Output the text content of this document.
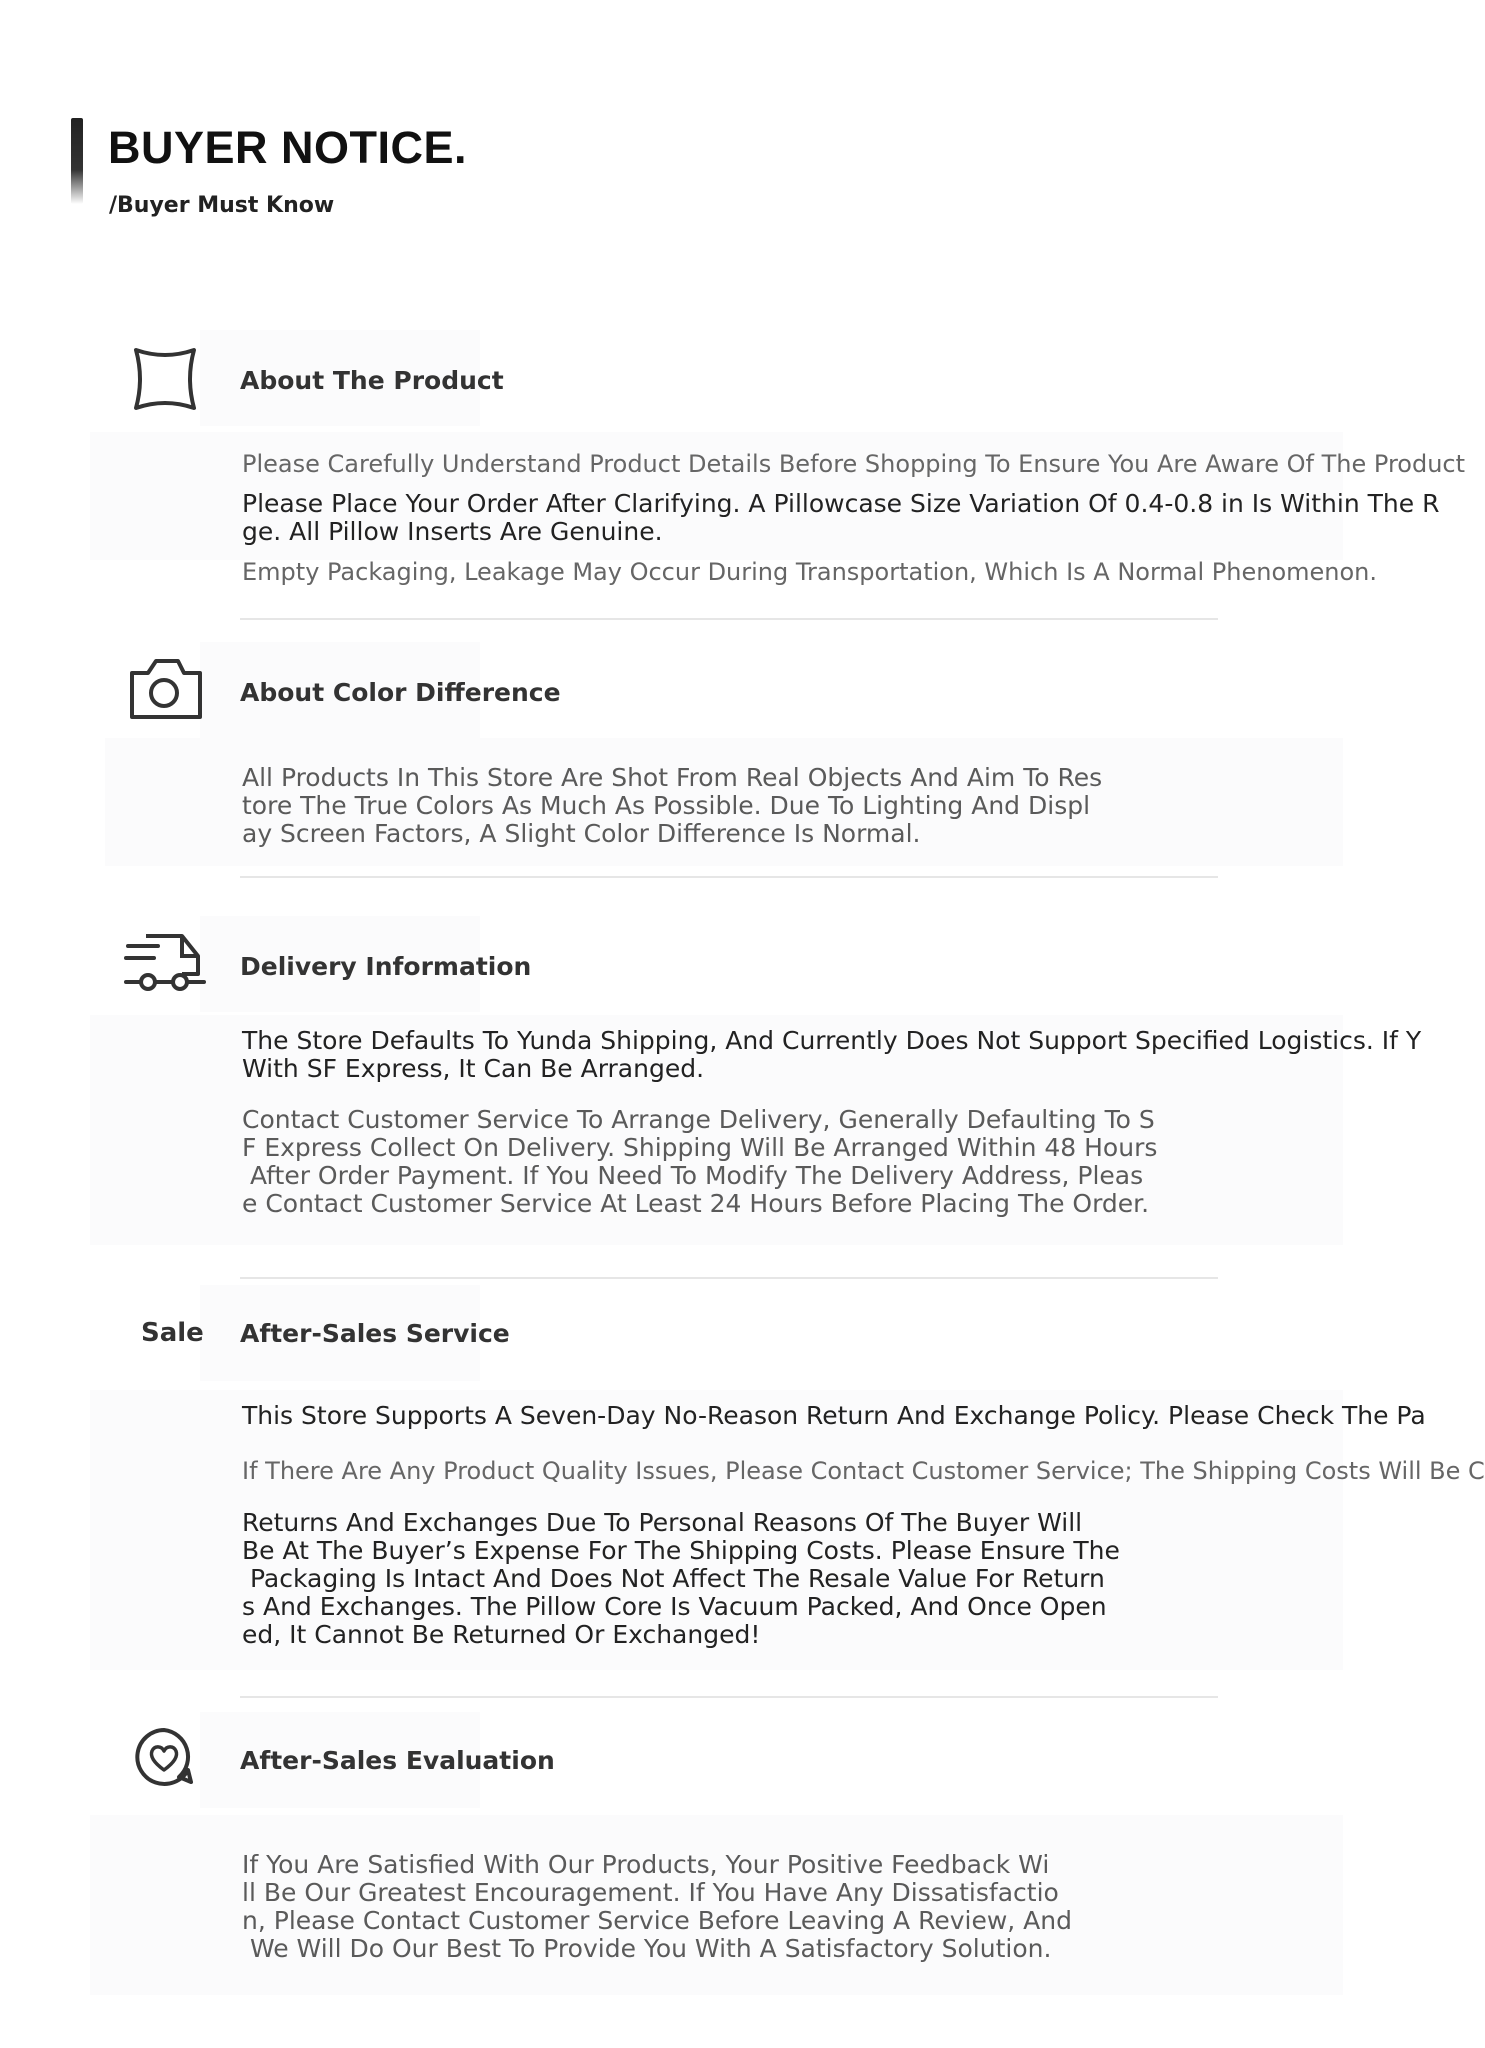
BUYER NOTICE.
/Buyer Must Know
About The Product

Please Carefully Understand Product Details Before Shopping To Ensure You Are Aware Of The Product

Please Place Your Order After Clarifying. A Pillowcase Size Variation Of 0.4-0.8 in Is Within The R
ge. All Pillow Inserts Are Genuine.

Empty Packaging, Leakage May Occur During Transportation, Which Is A Normal Phenomenon.

About Color Difference

All Products In This Store Are Shot From Real Objects And Aim To Res
tore The True Colors As Much As Possible. Due To Lighting And Displ
ay Screen Factors, A Slight Color Difference Is Normal.

Delivery Information

The Store Defaults To Yunda Shipping, And Currently Does Not Support Specified Logistics. If Y
With SF Express, It Can Be Arranged.

Contact Customer Service To Arrange Delivery, Generally Defaulting To S
F Express Collect On Delivery. Shipping Will Be Arranged Within 48 Hours
After Order Payment. If You Need To Modify The Delivery Address, Pleas
e Contact Customer Service At Least 24 Hours Before Placing The Order.

Sale After-Sales Service

This Store Supports A Seven-Day No-Reason Return And Exchange Policy. Please Check The Pa

If There Are Any Product Quality Issues, Please Contact Customer Service; The Shipping Costs Will Be C

Returns And Exchanges Due To Personal Reasons Of The Buyer Will
Be At The Buyer’s Expense For The Shipping Costs. Please Ensure The
Packaging Is Intact And Does Not Affect The Resale Value For Return
s And Exchanges. The Pillow Core Is Vacuum Packed, And Once Open
ed, It Cannot Be Returned Or Exchanged!

After-Sales Evaluation

If You Are Satisfied With Our Products, Your Positive Feedback Wi
ll Be Our Greatest Encouragement. If You Have Any Dissatisfactio
n, Please Contact Customer Service Before Leaving A Review, And
We Will Do Our Best To Provide You With A Satisfactory Solution.
